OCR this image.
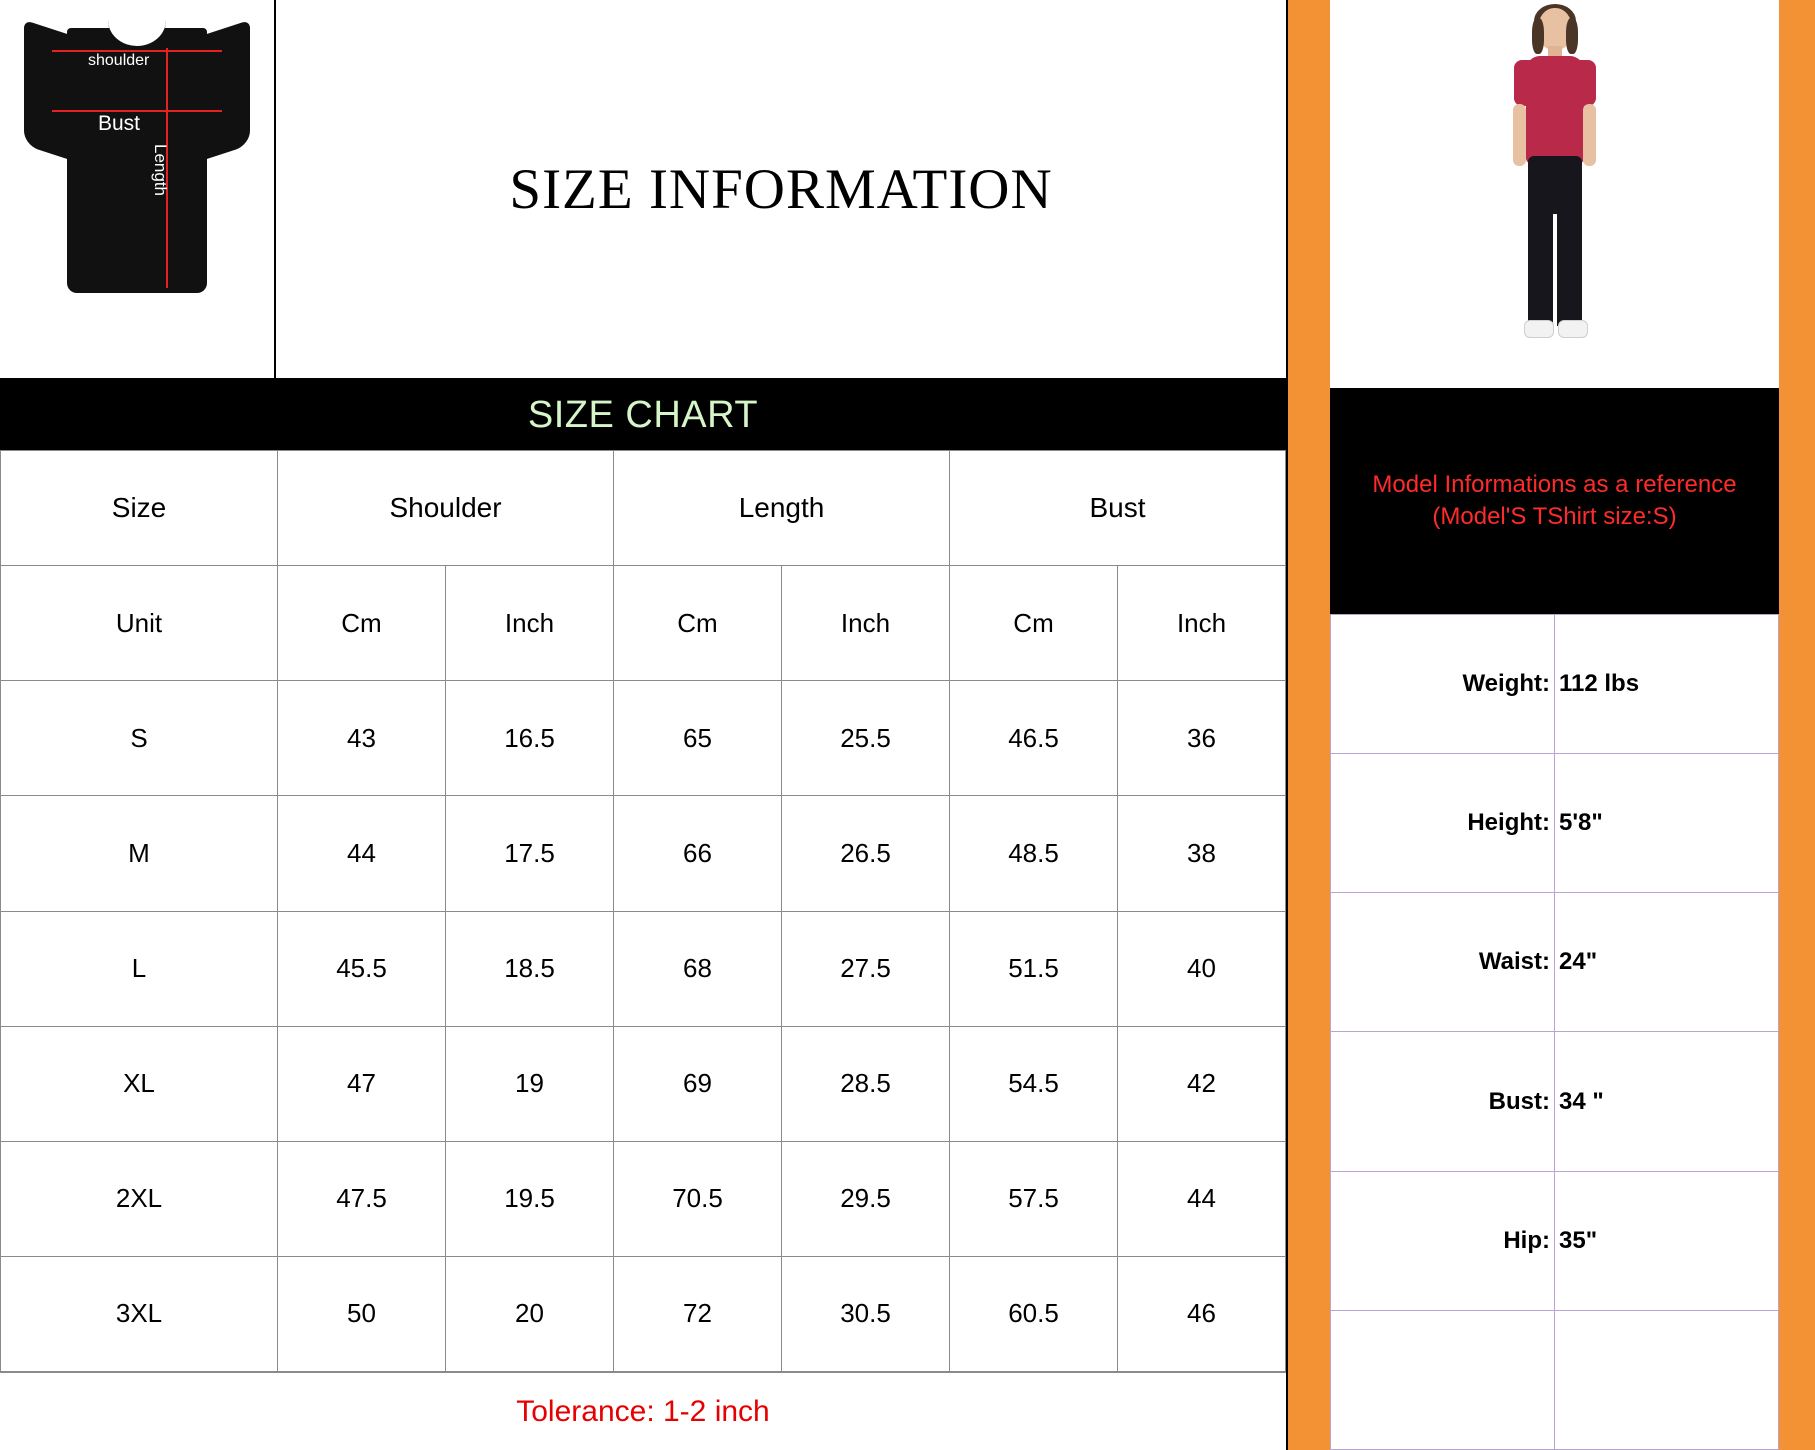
shoulder
Bust
Length	SIZE INFORMATION
SIZE CHART
Size	Shoulder		Length		Bust	
Unit	Cm	Inch	Cm	Inch	Cm	Inch
S	43	16.5	65	25.5	46.5	36
M	44	17.5	66	26.5	48.5	38
L	45.5	18.5	68	27.5	51.5	40
XL	47	19	69	28.5	54.5	42
2XL	47.5	19.5	70.5	29.5	57.5	44
3XL	50	20	72	30.5	60.5	46
Tolerance: 1-2 inch
Model Informations as a reference
(Model'S TShirt size:S)
Weight:	112 lbs
Height:	5'8"
Waist:	24"
Bust:	34 "
Hip:	35"
